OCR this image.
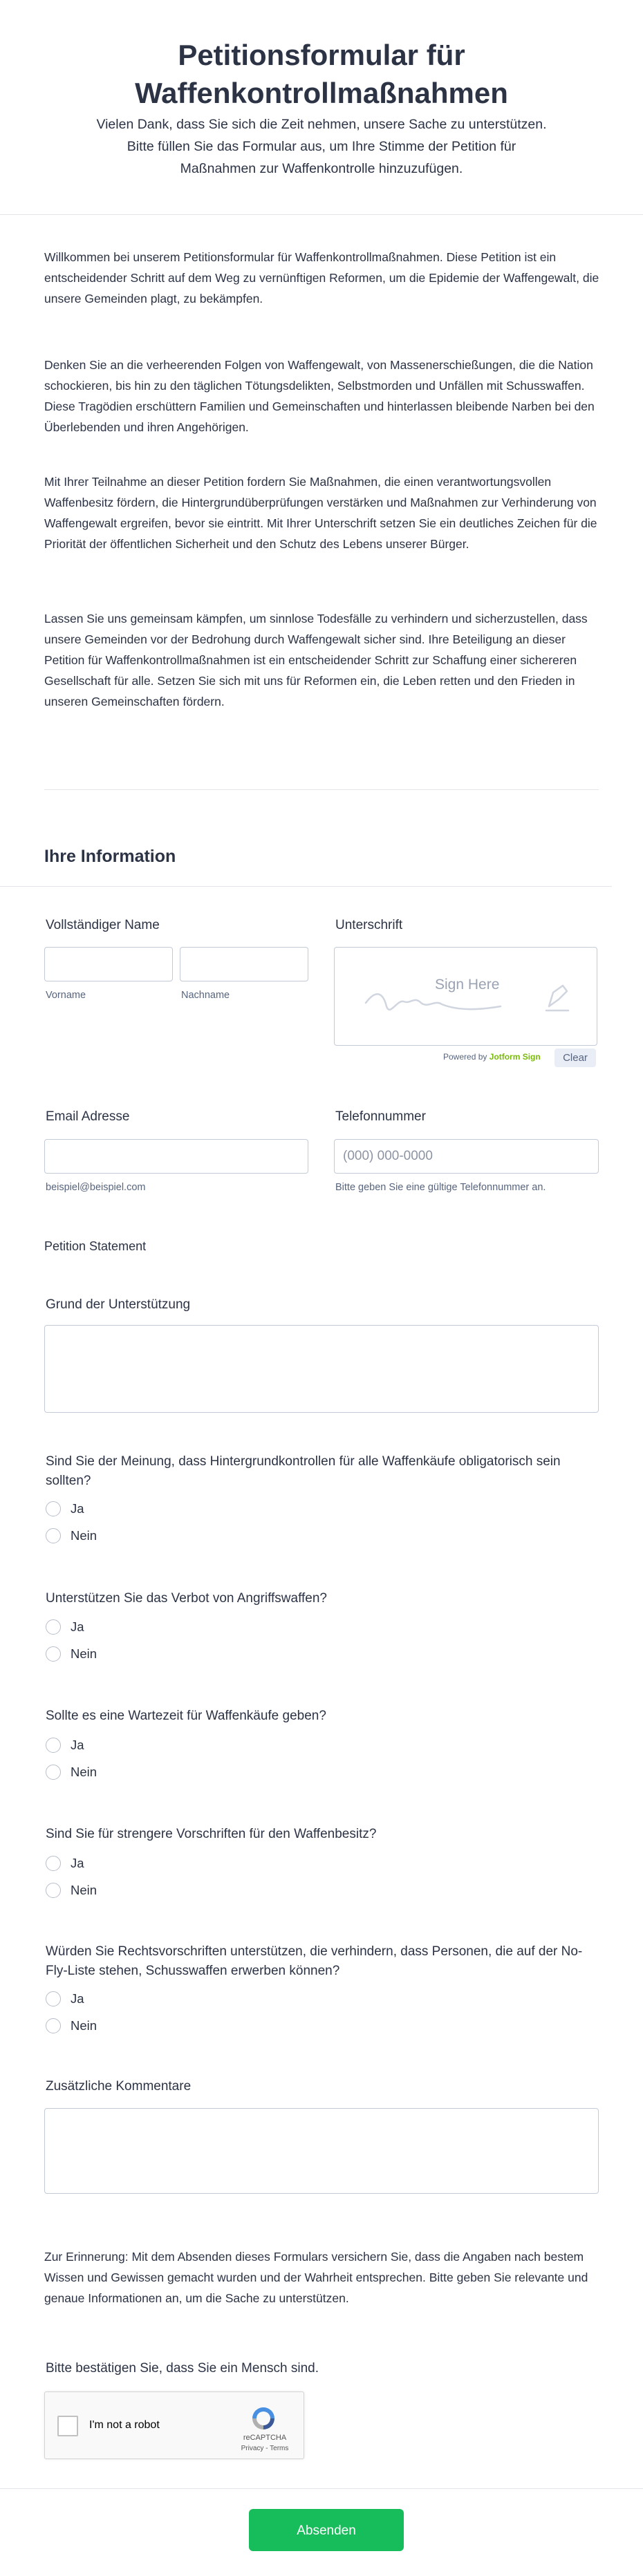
Petitionsformular für Waffenkontrollmaßnahmen
Vielen Dank, dass Sie sich die Zeit nehmen, unsere Sache zu unterstützen. Bitte füllen Sie das Formular aus, um Ihre Stimme der Petition für Maßnahmen zur Waffenkontrolle hinzuzufügen.
Willkommen bei unserem Petitionsformular für Waffenkontrollmaßnahmen. Diese Petition ist ein entscheidender Schritt auf dem Weg zu vernünftigen Reformen, um die Epidemie der Waffengewalt, die unsere Gemeinden plagt, zu bekämpfen.
Denken Sie an die verheerenden Folgen von Waffengewalt, von Massenerschießungen, die die Nation schockieren, bis hin zu den täglichen Tötungsdelikten, Selbstmorden und Unfällen mit Schusswaffen. Diese Tragödien erschüttern Familien und Gemeinschaften und hinterlassen bleibende Narben bei den Überlebenden und ihren Angehörigen.
Mit Ihrer Teilnahme an dieser Petition fordern Sie Maßnahmen, die einen verantwortungsvollen Waffenbesitz fördern, die Hintergrundüberprüfungen verstärken und Maßnahmen zur Verhinderung von Waffengewalt ergreifen, bevor sie eintritt. Mit Ihrer Unterschrift setzen Sie ein deutliches Zeichen für die Priorität der öffentlichen Sicherheit und den Schutz des Lebens unserer Bürger.
Lassen Sie uns gemeinsam kämpfen, um sinnlose Todesfälle zu verhindern und sicherzustellen, dass unsere Gemeinden vor der Bedrohung durch Waffengewalt sicher sind. Ihre Beteiligung an dieser Petition für Waffenkontrollmaßnahmen ist ein entscheidender Schritt zur Schaffung einer sichereren Gesellschaft für alle. Setzen Sie sich mit uns für Reformen ein, die Leben retten und den Frieden in unseren Gemeinschaften fördern.
Ihre Information
Vollständiger Name
Vorname	Nachname
Unterschrift
Sign Here
Powered by Jotform Sign	Clear
Email Adresse
beispiel@beispiel.com
Telefonnummer
(000) 000-0000
Bitte geben Sie eine gültige Telefonnummer an.
Petition Statement
Grund der Unterstützung
Sind Sie der Meinung, dass Hintergrundkontrollen für alle Waffenkäufe obligatorisch sein sollten?
Ja
Nein
Unterstützen Sie das Verbot von Angriffswaffen?
Ja
Nein
Sollte es eine Wartezeit für Waffenkäufe geben?
Ja
Nein
Sind Sie für strengere Vorschriften für den Waffenbesitz?
Ja
Nein
Würden Sie Rechtsvorschriften unterstützen, die verhindern, dass Personen, die auf der No-Fly-Liste stehen, Schusswaffen erwerben können?
Ja
Nein
Zusätzliche Kommentare
Zur Erinnerung: Mit dem Absenden dieses Formulars versichern Sie, dass die Angaben nach bestem Wissen und Gewissen gemacht wurden und der Wahrheit entsprechen. Bitte geben Sie relevante und genaue Informationen an, um die Sache zu unterstützen.
Bitte bestätigen Sie, dass Sie ein Mensch sind.
I'm not a robot
reCAPTCHA
Privacy - Terms
Absenden
